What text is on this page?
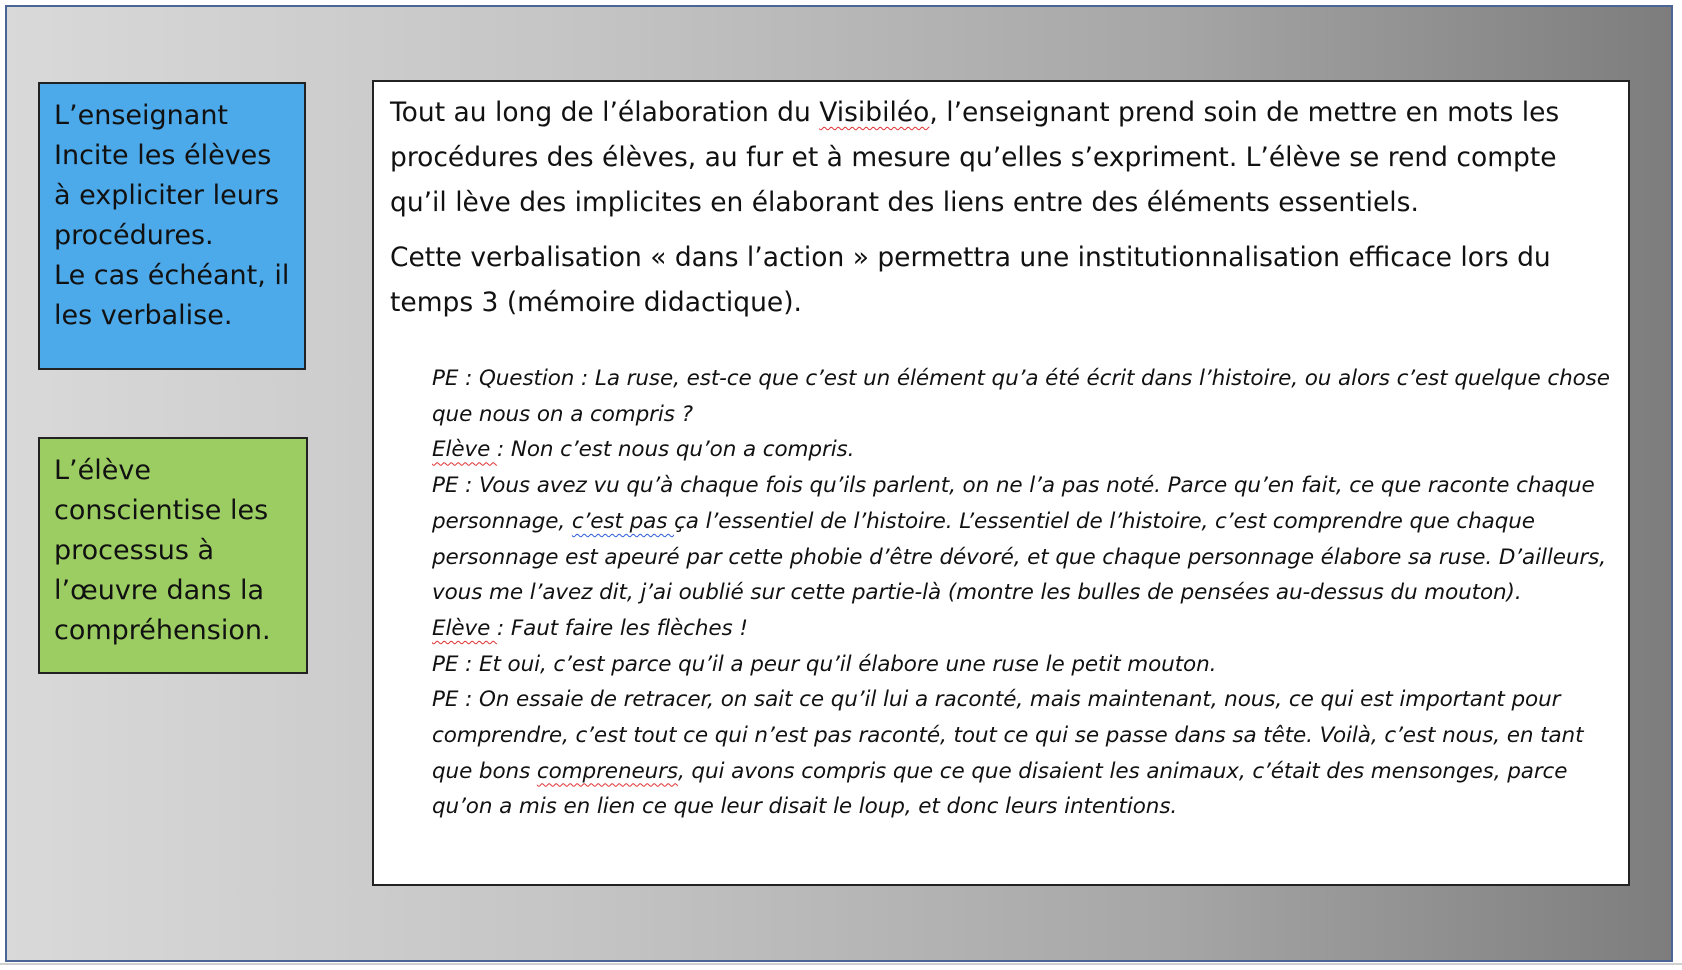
L’enseignant

Incite les élèves à expliciter leurs procédures.

Le cas échéant, il les verbalise.

L’élève conscientise les processus à l’œuvre dans la compréhension.

Tout au long de l’élaboration du Visibiléo, l’enseignant prend soin de mettre en mots les procédures des élèves, au fur et à mesure qu’elles s’expriment. L’élève se rend compte qu’il lève des implicites en élaborant des liens entre des éléments essentiels.

Cette verbalisation « dans l’action » permettra une institutionnalisation efficace lors du temps 3 (mémoire didactique).

PE : Question : La ruse, est-ce que c’est un élément qu’a été écrit dans l’histoire, ou alors c’est quelque chose que nous on a compris ?

Elève : Non c’est nous qu’on a compris.

PE : Vous avez vu qu’à chaque fois qu’ils parlent, on ne l’a pas noté. Parce qu’en fait, ce que raconte chaque personnage, c’est pas ça l’essentiel de l’histoire. L’essentiel de l’histoire, c’est comprendre que chaque personnage est apeuré par cette phobie d’être dévoré, et que chaque personnage élabore sa ruse. D’ailleurs, vous me l’avez dit, j’ai oublié sur cette partie-là (montre les bulles de pensées au-dessus du mouton).

Elève : Faut faire les flèches !

PE : Et oui, c’est parce qu’il a peur qu’il élabore une ruse le petit mouton.

PE : On essaie de retracer, on sait ce qu’il lui a raconté, mais maintenant, nous, ce qui est important pour comprendre, c’est tout ce qui n’est pas raconté, tout ce qui se passe dans sa tête. Voilà, c’est nous, en tant que bons compreneurs, qui avons compris que ce que disaient les animaux, c’était des mensonges, parce qu’on a mis en lien ce que leur disait le loup, et donc leurs intentions.
